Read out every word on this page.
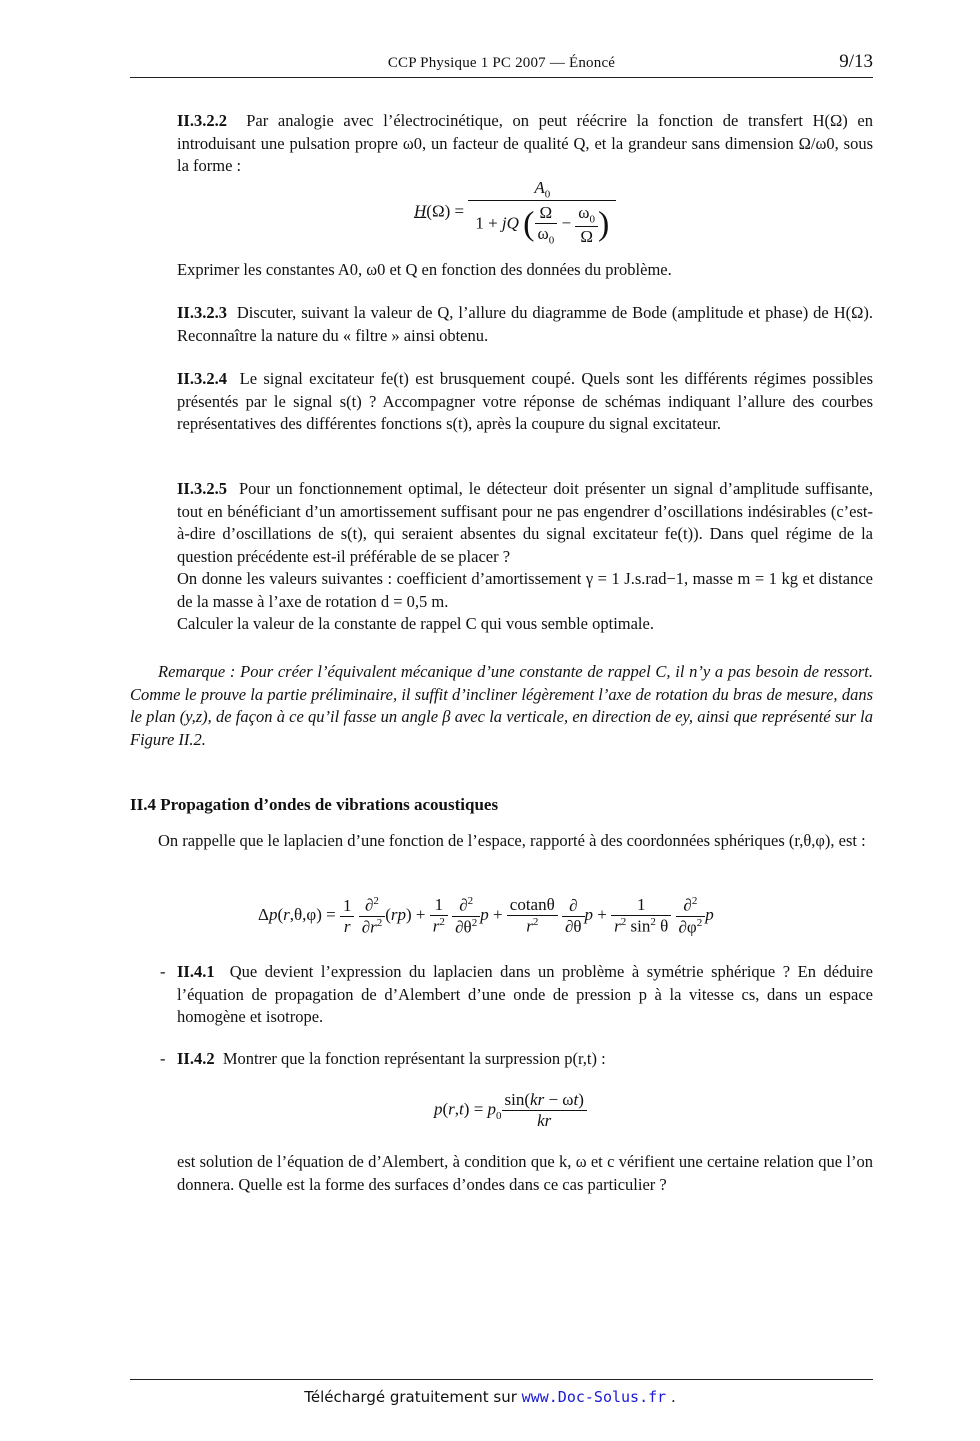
CCP Physique 1 PC 2007 — Énoncé	9/13

II.3.2.2 Par analogie avec l’électrocinétique, on peut réécrire la fonction de transfert H(Ω) en introduisant une pulsation propre ω0, un facteur de qualité Q, et la grandeur sans dimension Ω/ω0, sous la forme :

$H(\Omega) = \frac{A_0}{1 + jQ ( \frac{\Omega}{\omega_0} - \frac{\omega_0}{\Omega} )}$

Exprimer les constantes A0, ω0 et Q en fonction des données du problème.

II.3.2.3 Discuter, suivant la valeur de Q, l’allure du diagramme de Bode (amplitude et phase) de H(Ω). Reconnaître la nature du « filtre » ainsi obtenu.

II.3.2.4 Le signal excitateur fe(t) est brusquement coupé. Quels sont les différents régimes possibles présentés par le signal s(t) ? Accompagner votre réponse de schémas indiquant l’allure des courbes représentatives des différentes fonctions s(t), après la coupure du signal excitateur.

II.3.2.5 Pour un fonctionnement optimal, le détecteur doit présenter un signal d’amplitude suffisante, tout en bénéficiant d’un amortissement suffisant pour ne pas engendrer d’oscillations indésirables (c’est-à-dire d’oscillations de s(t), qui seraient absentes du signal excitateur fe(t)). Dans quel régime de la question précédente est-il préférable de se placer ?

On donne les valeurs suivantes : coefficient d’amortissement γ = 1 J.s.rad−1, masse m = 1 kg et distance de la masse à l’axe de rotation d = 0,5 m.

Calculer la valeur de la constante de rappel C qui vous semble optimale.

Remarque : Pour créer l’équivalent mécanique d’une constante de rappel C, il n’y a pas besoin de ressort. Comme le prouve la partie préliminaire, il suffit d’incliner légèrement l’axe de rotation du bras de mesure, dans le plan (y,z), de façon à ce qu’il fasse un angle β avec la verticale, en direction de ey, ainsi que représenté sur la Figure II.2.
II.4 Propagation d’ondes de vibrations acoustiques
On rappelle que le laplacien d’une fonction de l’espace, rapporté à des coordonnées sphériques (r,θ,φ), est :
$\Delta p(r,\theta,\varphi) = \frac{1}{r}$
$\frac{\partial^2}{\partial r^2} (rp) + \frac{1}{r^2}$
$\frac{\partial^2}{\partial\theta^2}$ $p + \frac{cotan\theta}{r^2}$
$\frac{\partial}{\partial\theta}$ $p + \frac{1}{r^2 \sin^2 \theta}$
$\frac{\partial^2}{\partial\varphi^2}$ p
- II.4.1 Que devient l’expression du laplacien dans un problème à symétrie sphérique ? En déduire l’équation de propagation de d’Alembert d’une onde de pression p à la vitesse cs, dans un espace homogène et isotrope.

- II.4.2 Montrer que la fonction représentant la surpression p(r,t) :

$p(r,t) = p_0 \frac{\sin(kr - \omega t)}{kr}$

est solution de l’équation de d’Alembert, à condition que k, ω et c vérifient une certaine relation que l’on donnera. Quelle est la forme des surfaces d’ondes dans ce cas particulier ?

Téléchargé gratuitement sur www.Doc-Solus.fr .
